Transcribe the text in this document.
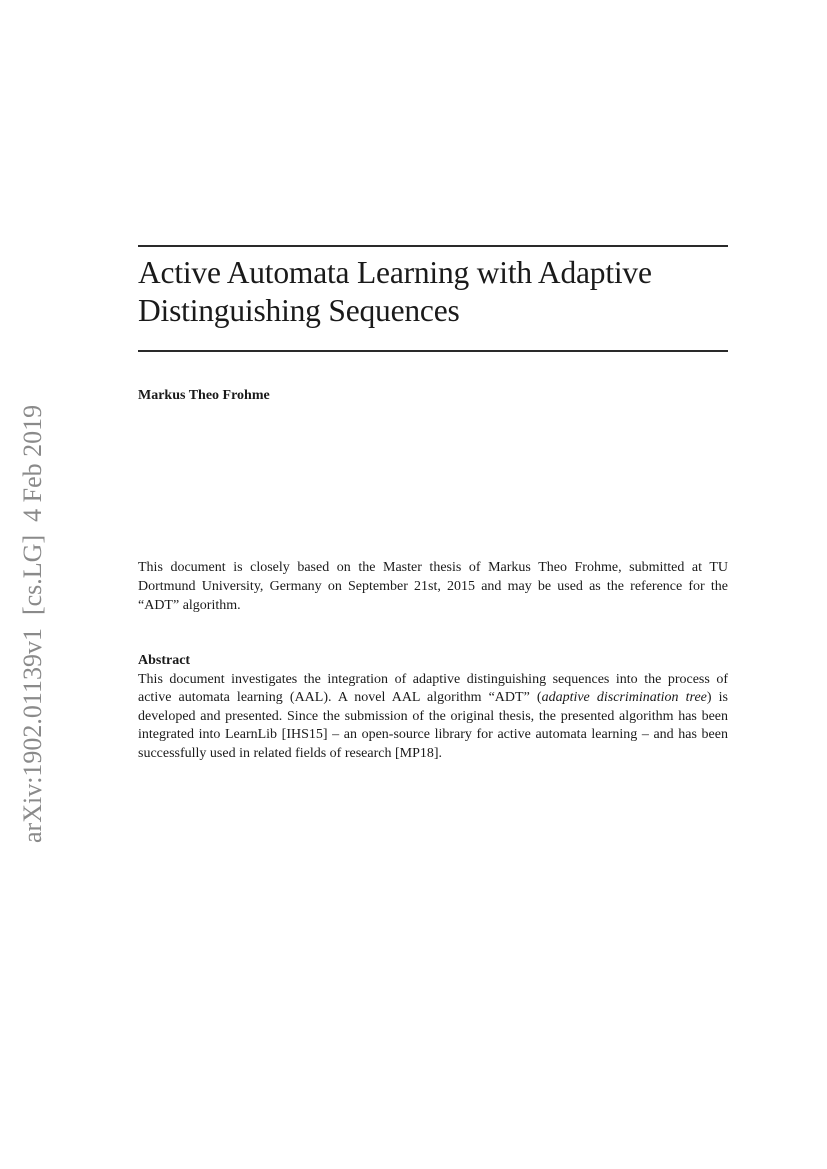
arXiv:1902.01139v1  [cs.LG]  4 Feb 2019
Active Automata Learning with Adaptive
Distinguishing Sequences
Markus Theo Frohme

This document is closely based on the Master thesis of Markus Theo Frohme, submitted at TU Dortmund University, Germany on September 21st, 2015 and may be used as the reference for the “ADT” algorithm.

Abstract

This document investigates the integration of adaptive distinguishing sequences into the process of active automata learning (AAL). A novel AAL algorithm “ADT” (adaptive discrimination tree) is developed and presented. Since the submission of the original thesis, the presented algorithm has been integrated into LearnLib [IHS15] – an open-source library for active automata learning – and has been successfully used in related fields of research [MP18].
